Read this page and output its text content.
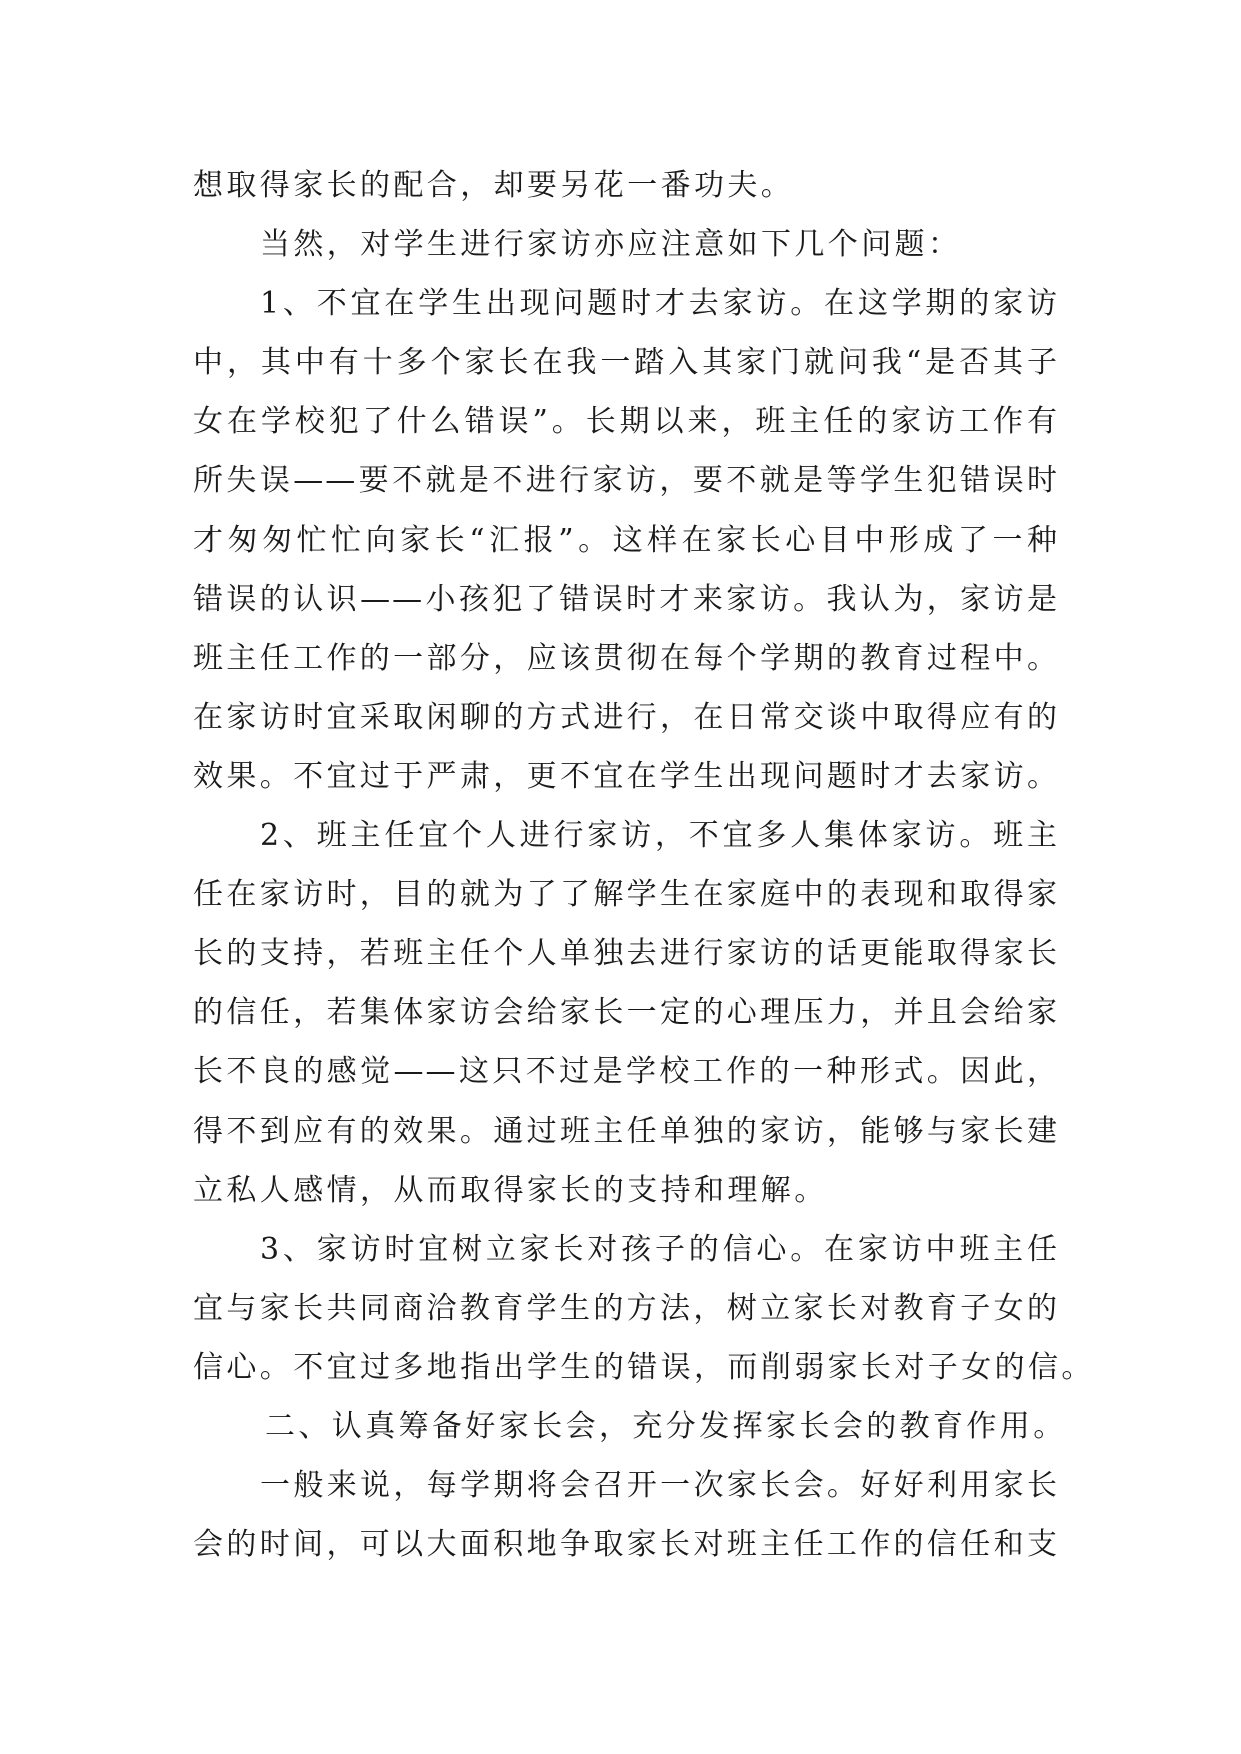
想取得家长的配合，却要另花一番功夫。
当然，对学生进行家访亦应注意如下几个问题：
1、不宜在学生出现问题时才去家访。在这学期的家访
中，其中有十多个家长在我一踏入其家门就问我“是否其子
女在学校犯了什么错误”。长期以来，班主任的家访工作有
所失误——要不就是不进行家访，要不就是等学生犯错误时
才匆匆忙忙向家长“汇报”。这样在家长心目中形成了一种
错误的认识——小孩犯了错误时才来家访。我认为，家访是
班主任工作的一部分，应该贯彻在每个学期的教育过程中。
在家访时宜采取闲聊的方式进行，在日常交谈中取得应有的
效果。不宜过于严肃，更不宜在学生出现问题时才去家访。
2、班主任宜个人进行家访，不宜多人集体家访。班主
任在家访时，目的就为了了解学生在家庭中的表现和取得家
长的支持，若班主任个人单独去进行家访的话更能取得家长
的信任，若集体家访会给家长一定的心理压力，并且会给家
长不良的感觉——这只不过是学校工作的一种形式。因此，
得不到应有的效果。通过班主任单独的家访，能够与家长建
立私人感情，从而取得家长的支持和理解。
3、家访时宜树立家长对孩子的信心。在家访中班主任
宜与家长共同商洽教育学生的方法，树立家长对教育子女的
信心。不宜过多地指出学生的错误，而削弱家长对子女的信。
二、认真筹备好家长会，充分发挥家长会的教育作用。
一般来说，每学期将会召开一次家长会。好好利用家长
会的时间，可以大面积地争取家长对班主任工作的信任和支
